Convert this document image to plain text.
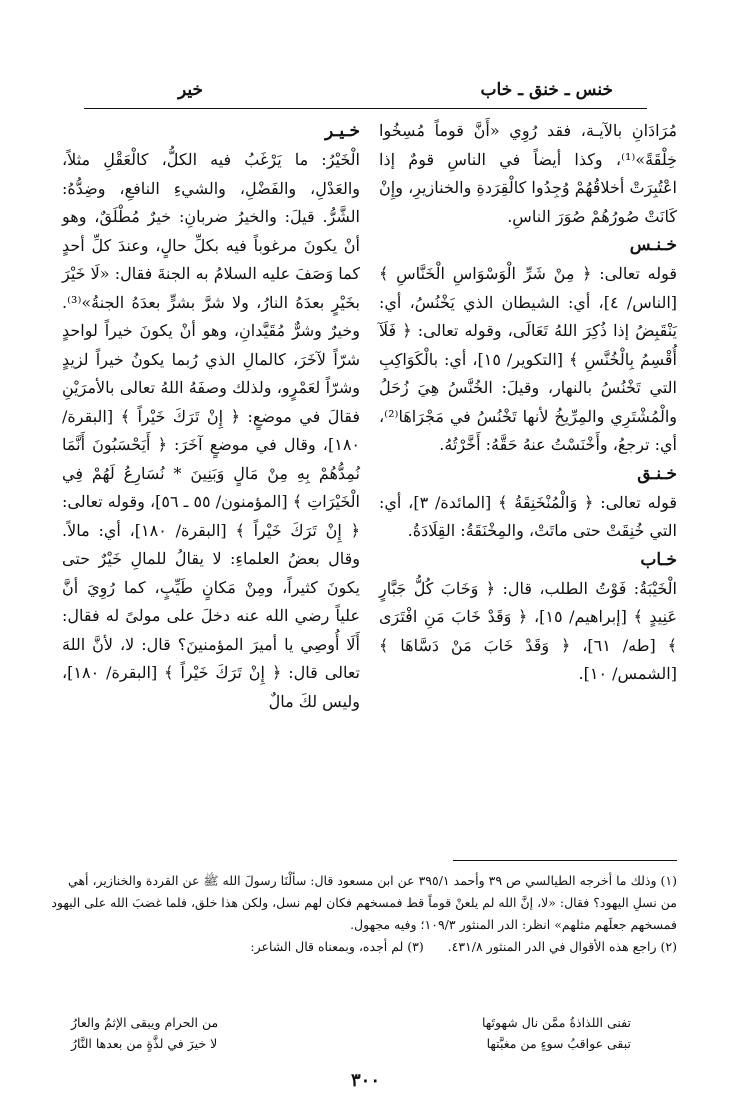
خنس ـ خنق ـ خاب
خير

مُرَادَانِ بالآيـة، فقد رُوِي «أَنَّ قوماً مُسِخُوا خِلْقَةً»⁽¹⁾، وكذا أيضاً في الناسِ قومٌ إذا اعْتُبِرَتْ أخلاقُهُمْ وُجِدُوا كالْقِرَدةِ والخنازيرِ، وإِنْ كَانَتْ صُورُهُمْ صُوَرَ الناسِ.

خـنـس

قوله تعالى: ﴿ مِنْ شَرِّ الْوَسْوَاسِ الْخَنَّاسِ ﴾ [الناس/ ٤]، أي: الشيطان الذي يَخْنُسُ، أي: يَنْقَبِضُ إذا ذُكِرَ اللهُ تَعَالَى، وقوله تعالى: ﴿ فَلَآ أُقْسِمُ بِالْخُنَّسِ ﴾ [التكوير/ ١٥]، أي: بالْكَوَاكِبِ التي تَخْنُسُ بالنهار، وقيلَ: الخُنَّسُ هِيَ زُحَلُ والْمُشْتَرِي والمِرِّيخُ لأنها تَخْنُسُ في مَجْرَاهَا⁽²⁾، أي: ترجعُ، وأَخْنَسْتُ عنهُ حَقَّهُ: أَخَّرْتُهُ.

خـنـق

قوله تعالى: ﴿ وَالْمُنْخَنِقَةُ ﴾ [المائدة/ ٣]، أي: التي خُنِقَتْ حتى ماتَتْ، والمِخْنَقَةُ: القِلَادَةُ.

خـاب

الْخَيْبَةُ: فَوْتُ الطلب، قال: ﴿ وَخَابَ كُلُّ جَبَّارٍ عَنِيدٍ ﴾ [إبراهيم/ ١٥]، ﴿ وَقَدْ خَابَ مَنِ افْتَرَى ﴾ [طه/ ٦١]، ﴿ وَقَدْ خَابَ مَنْ دَسَّاهَا ﴾ [الشمس/ ١٠].

خـيـر

الْخَيْرُ: ما يَرْغَبُ فيه الكلُّ، كالْعَقْلِ مثلاً، والعَدْلِ، والفَضْلِ، والشيءِ النافعِ، وضِدُّهُ: الشَّرُّ. قيلَ: والخيرُ ضربانِ: خيرٌ مُطْلَقٌ، وهو أنْ يكونَ مرغوباً فيه بكلِّ حالٍ، وعندَ كلِّ أحدٍ كما وَصَفَ عليه السلامُ به الجنةَ فقال: «لَا خَيْرَ بخَيْرٍ بعدَهُ النارُ، ولا شرَّ بشرٍّ بعدَهُ الجنةُ»⁽³⁾. وخيرٌ وشرٌّ مُقَيَّدانِ، وهو أنْ يكونَ خيراً لواحدٍ شرّاً لآخَرَ، كالمالِ الذي رُبما يكونُ خيراً لزيدٍ وشرّاً لعَمْرٍو، ولذلك وصفَهُ اللهُ تعالى بالأمرَيْنِ فقالَ في موضعٍ: ﴿ إِنْ تَرَكَ خَيْراً ﴾ [البقرة/ ١٨٠]، وقال في موضعٍ آخَرَ: ﴿ أَيَحْسَبُونَ أَنَّمَا نُمِدُّهُمْ بِهِ مِنْ مَالٍ وَبَنِينَ * نُسَارِعُ لَهُمْ فِي الْخَيْرَاتِ ﴾ [المؤمنون/ ٥٥ ـ ٥٦]، وقوله تعالى: ﴿ إِنْ تَرَكَ خَيْراً ﴾ [البقرة/ ١٨٠]، أي: مالاً. وقال بعضُ العلماءِ: لا يقالُ للمالِ خَيْرٌ حتى يكونَ كثيراً، ومِنْ مَكانٍ طَيِّبٍ، كما رُوِيَ أنَّ علياً رضي الله عنه دخلَ على مولىً له فقال: أَلَا أُوصِي يا أميرَ المؤمنينَ؟ قال: لا، لأنَّ اللهَ تعالى قال: ﴿ إِنْ تَرَكَ خَيْراً ﴾ [البقرة/ ١٨٠]، وليس لكَ مالٌ

(١) وذلك ما أخرجه الطيالسي ص ٣٩ وأحمد ٣٩٥/١ عن ابن مسعود قال: سألْنَا رسولَ الله ﷺ عن القردة والخنازير، أهي من نسلِ اليهود؟ فقال: «لا، إنَّ الله لم يلعنْ قوماً قط فمسخهم فكان لهم نسل، ولكن هذا خلق، فلما غضبَ الله على اليهود فمسخهم جعلَهم مثلهم» انظر: الدر المنثور ١٠٩/٣؛ وفيه مجهول.

(٢) راجع هذه الأقوال في الدر المنثور ٤٣١/٨.      (٣) لم أجده، وبمعناه قال الشاعر:

تفنى اللذاذةُ ممَّن نال شهوتَها
من الحرام ويبقى الإثمُ والعارُ
تبقى عواقبُ سوءٍ من مغبَّتها
لا خيرَ في لذَّةٍ من بعدها النَّارُ
٣٠٠
